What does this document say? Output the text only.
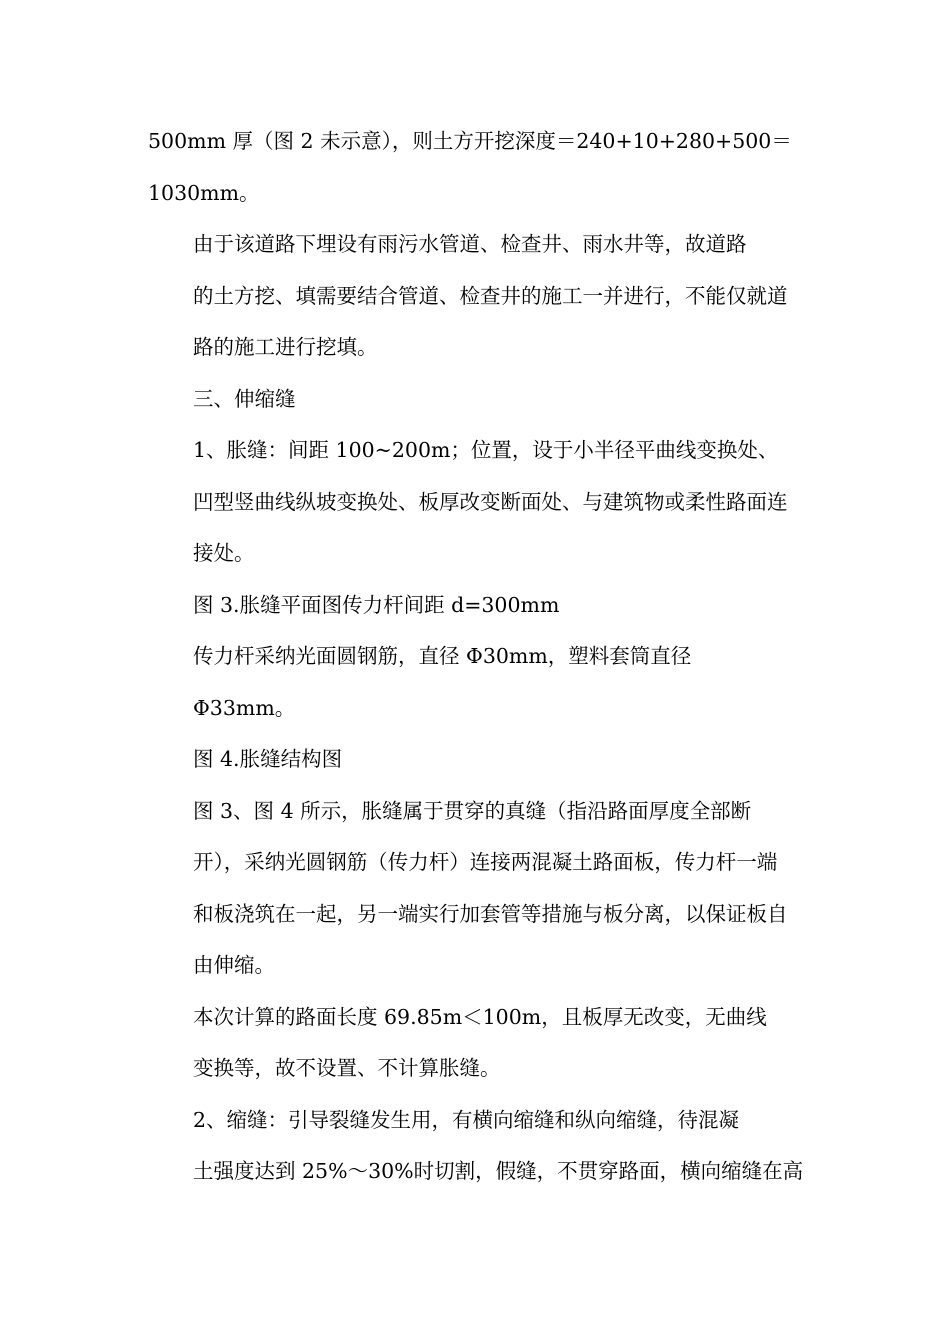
500mm 厚（图 2 未示意），则土方开挖深度＝240+10+280+500＝
1030mm。

由于该道路下埋设有雨污水管道、检查井、雨水井等，故道路
的土方挖、填需要结合管道、检查井的施工一并进行，不能仅就道
路的施工进行挖填。

三、伸缩缝

1、胀缝：间距 100~200m；位置，设于小半径平曲线变换处、
凹型竖曲线纵坡变换处、板厚改变断面处、与建筑物或柔性路面连
接处。

图 3.胀缝平面图传力杆间距 d=300mm

传力杆采纳光面圆钢筋，直径 Φ30mm，塑料套筒直径
Φ33mm。

图 4.胀缝结构图

图 3、图 4 所示，胀缝属于贯穿的真缝（指沿路面厚度全部断
开），采纳光圆钢筋（传力杆）连接两混凝土路面板，传力杆一端
和板浇筑在一起，另一端实行加套管等措施与板分离，以保证板自
由伸缩。

本次计算的路面长度 69.85m＜100m，且板厚无改变，无曲线
变换等，故不设置、不计算胀缝。

2、缩缝：引导裂缝发生用，有横向缩缝和纵向缩缝，待混凝
土强度达到 25%～30%时切割，假缝，不贯穿路面，横向缩缝在高
